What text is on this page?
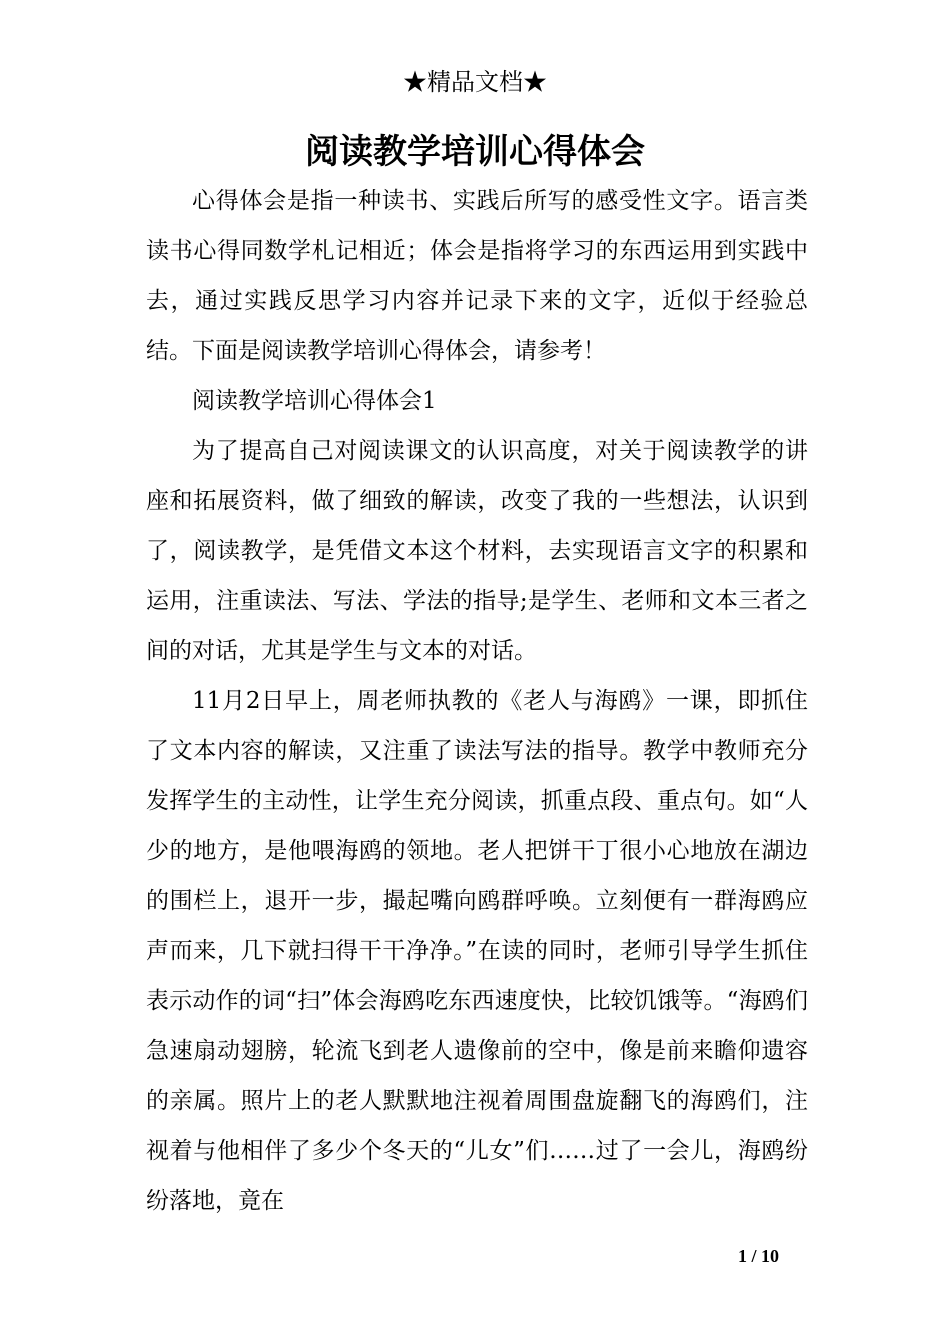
★精品文档★
阅读教学培训心得体会

心得体会是指一种读书、实践后所写的感受性文字。语言类读书心得同数学札记相近；体会是指将学习的东西运用到实践中去，通过实践反思学习内容并记录下来的文字，近似于经验总结。下面是阅读教学培训心得体会，请参考！

阅读教学培训心得体会1

为了提高自己对阅读课文的认识高度，对关于阅读教学的讲座和拓展资料，做了细致的解读，改变了我的一些想法，认识到了，阅读教学，是凭借文本这个材料，去实现语言文字的积累和运用，注重读法、写法、学法的指导;是学生、老师和文本三者之间的对话，尤其是学生与文本的对话。

11月2日早上，周老师执教的《老人与海鸥》一课，即抓住了文本内容的解读，又注重了读法写法的指导。教学中教师充分发挥学生的主动性，让学生充分阅读，抓重点段、重点句。如“人少的地方，是他喂海鸥的领地。老人把饼干丁很小心地放在湖边的围栏上，退开一步，撮起嘴向鸥群呼唤。立刻便有一群海鸥应声而来，几下就扫得干干净净。”在读的同时，老师引导学生抓住表示动作的词“扫”体会海鸥吃东西速度快，比较饥饿等。“海鸥们急速扇动翅膀，轮流飞到老人遗像前的空中，像是前来瞻仰遗容的亲属。照片上的老人默默地注视着周围盘旋翻飞的海鸥们，注视着与他相伴了多少个冬天的“儿女”们……过了一会儿，海鸥纷纷落地，竟在

1 / 10
